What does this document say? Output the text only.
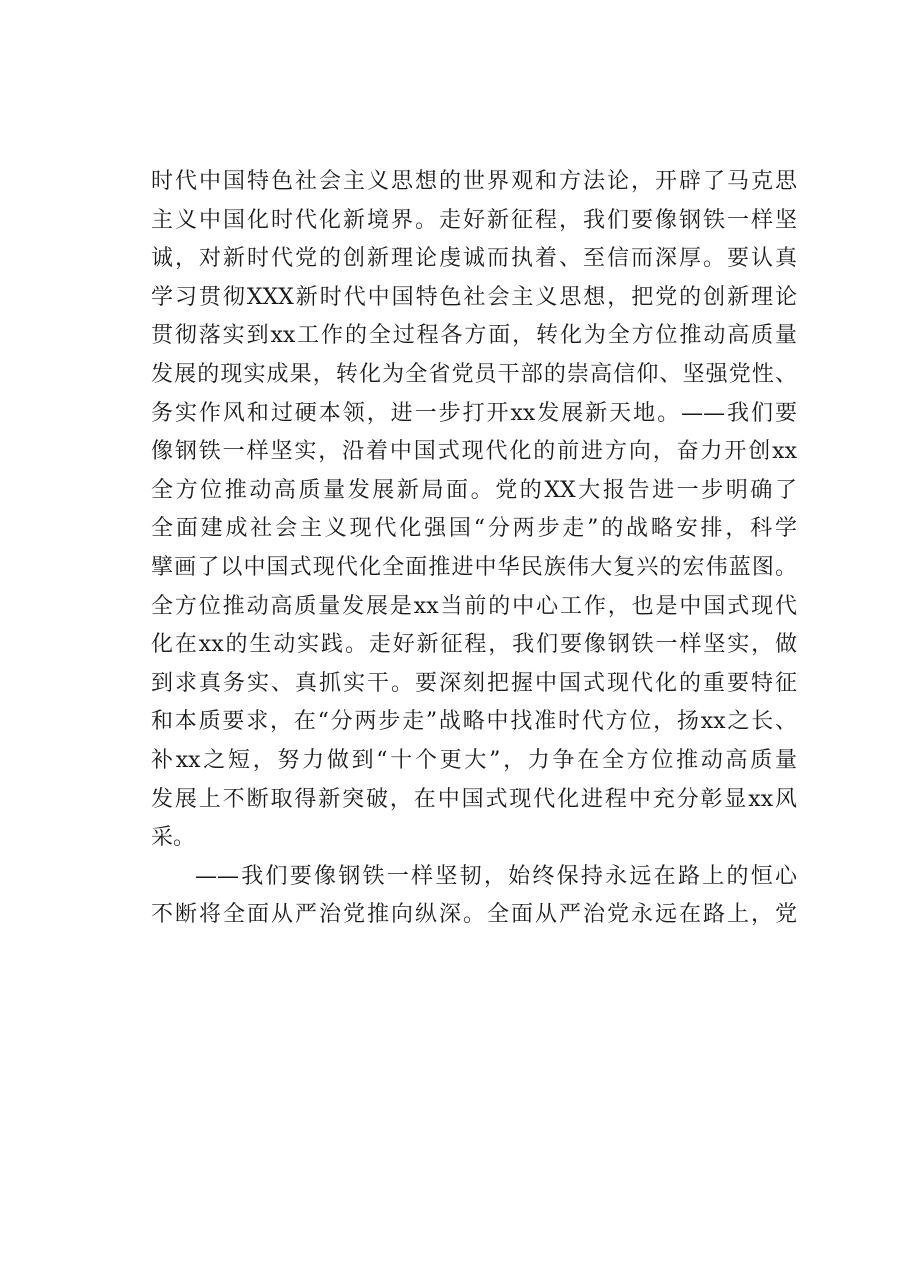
时代中国特色社会主义思想的世界观和方法论，开辟了马克思
主义中国化时代化新境界。走好新征程，我们要像钢铁一样坚
诚，对新时代党的创新理论虔诚而执着、至信而深厚。要认真
学习贯彻XXX新时代中国特色社会主义思想，把党的创新理论
贯彻落实到xx工作的全过程各方面，转化为全方位推动高质量
发展的现实成果，转化为全省党员干部的崇高信仰、坚强党性、
务实作风和过硬本领，进一步打开xx发展新天地。——我们要
像钢铁一样坚实，沿着中国式现代化的前进方向，奋力开创xx
全方位推动高质量发展新局面。党的XX大报告进一步明确了
全面建成社会主义现代化强国“分两步走”的战略安排，科学
擘画了以中国式现代化全面推进中华民族伟大复兴的宏伟蓝图。
全方位推动高质量发展是xx当前的中心工作，也是中国式现代
化在xx的生动实践。走好新征程，我们要像钢铁一样坚实，做
到求真务实、真抓实干。要深刻把握中国式现代化的重要特征
和本质要求，在“分两步走”战略中找准时代方位，扬xx之长、
补xx之短，努力做到“十个更大”，力争在全方位推动高质量
发展上不断取得新突破，在中国式现代化进程中充分彰显xx风
采。
——我们要像钢铁一样坚韧，始终保持永远在路上的恒心
不断将全面从严治党推向纵深。全面从严治党永远在路上，党
